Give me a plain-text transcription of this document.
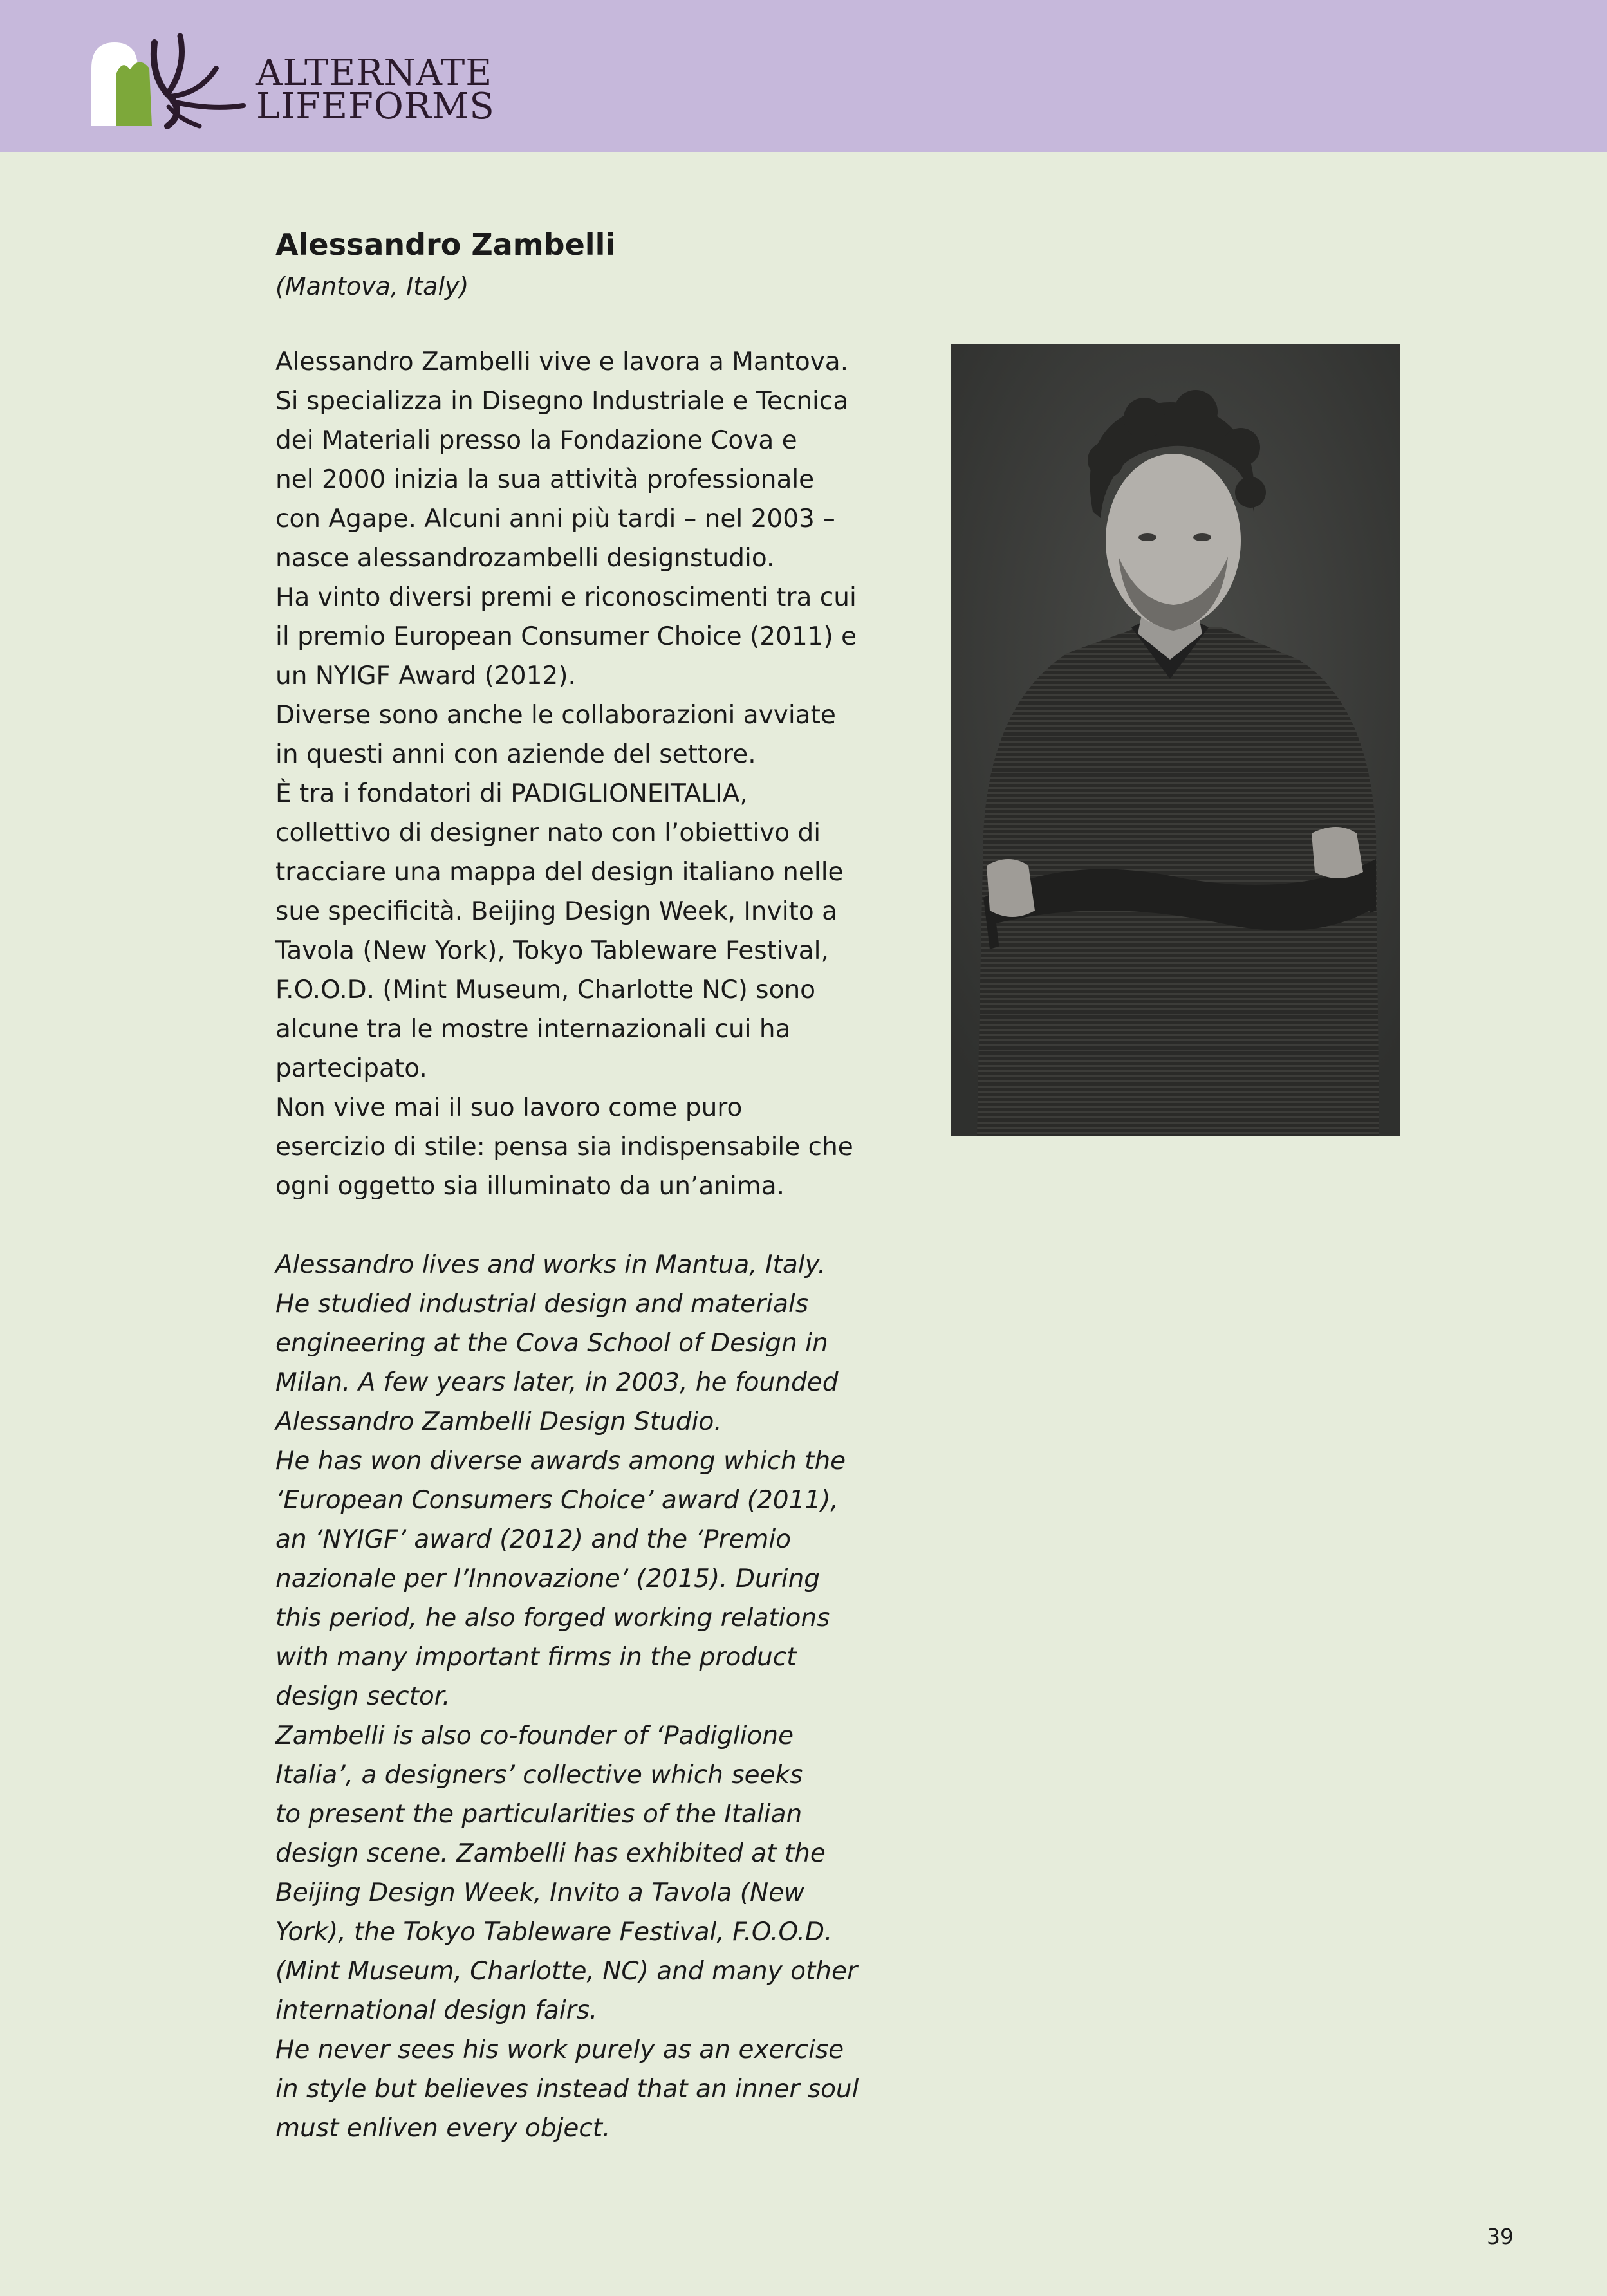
ALTERNATE
LIFEFORMS
Alessandro Zambelli

(Mantova, Italy)

Alessandro Zambelli vive e lavora a Mantova.
Si specializza in Disegno Industriale e Tecnica
dei Materiali presso la Fondazione Cova e
nel 2000 inizia la sua attività professionale
con Agape. Alcuni anni più tardi – nel 2003 –
nasce alessandrozambelli designstudio.
Ha vinto diversi premi e riconoscimenti tra cui
il premio European Consumer Choice (2011) e
un NYIGF Award (2012).
Diverse sono anche le collaborazioni avviate
in questi anni con aziende del settore.
È tra i fondatori di PADIGLIONEITALIA,
collettivo di designer nato con l’obiettivo di
tracciare una mappa del design italiano nelle
sue specificità. Beijing Design Week, Invito a
Tavola (New York), Tokyo Tableware Festival,
F.O.O.D. (Mint Museum, Charlotte NC) sono
alcune tra le mostre internazionali cui ha
partecipato.
Non vive mai il suo lavoro come puro
esercizio di stile: pensa sia indispensabile che
ogni oggetto sia illuminato da un’anima.
Alessandro lives and works in Mantua, Italy.
He studied industrial design and materials
engineering at the Cova School of Design in
Milan. A few years later, in 2003, he founded
Alessandro Zambelli Design Studio.
He has won diverse awards among which the
‘European Consumers Choice’ award (2011),
an ‘NYIGF’ award (2012) and the ‘Premio
nazionale per l’Innovazione’ (2015). During
this period, he also forged working relations
with many important firms in the product
design sector.
Zambelli is also co-founder of ‘Padiglione
Italia’, a designers’ collective which seeks
to present the particularities of the Italian
design scene. Zambelli has exhibited at the
Beijing Design Week, Invito a Tavola (New
York), the Tokyo Tableware Festival, F.O.O.D.
(Mint Museum, Charlotte, NC) and many other
international design fairs.
He never sees his work purely as an exercise
in style but believes instead that an inner soul
must enliven every object.
39
